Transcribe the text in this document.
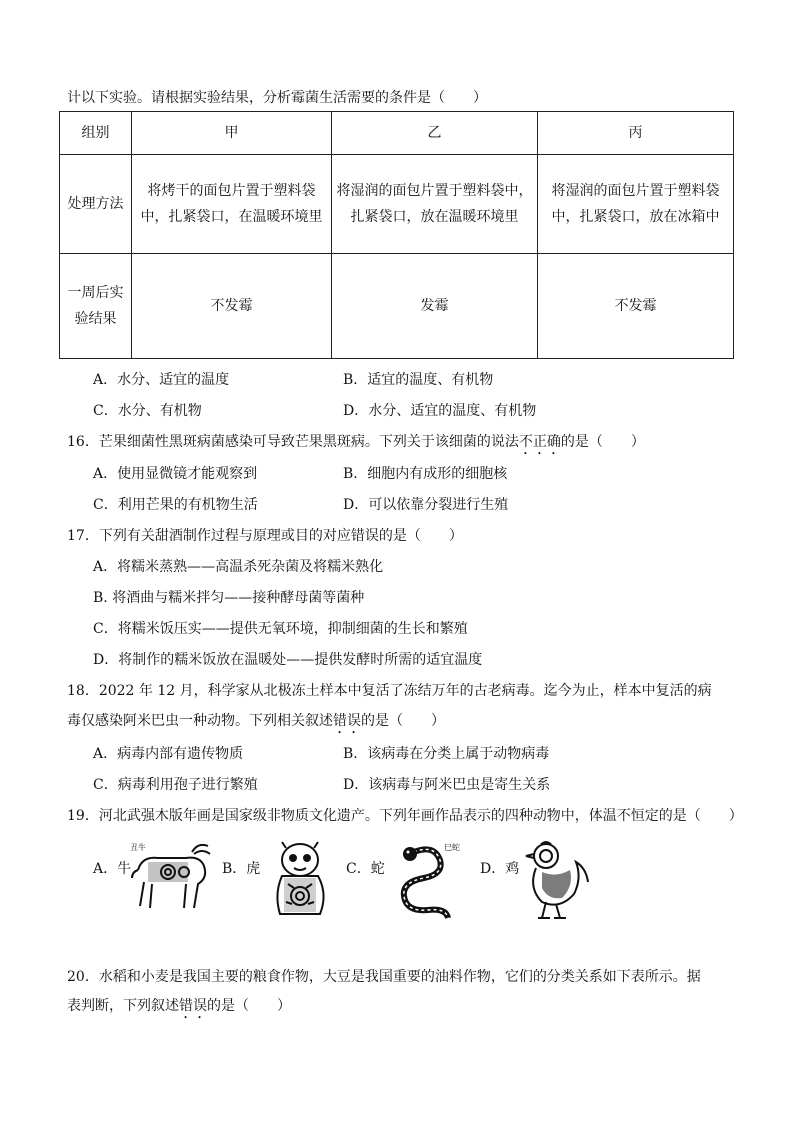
计以下实验。请根据实验结果，分析霉菌生活需要的条件是（　　）
组别	甲	乙	丙
处理方法	将烤干的面包片置于塑料袋中，扎紧袋口，在温暖环境里	将湿润的面包片置于塑料袋中，扎紧袋口，放在温暖环境里	将湿润的面包片置于塑料袋中，扎紧袋口，放在冰箱中
一周后实验结果	不发霉	发霉	不发霉
A．水分、适宜的温度	B．适宜的温度、有机物
C．水分、有机物	D．水分、适宜的温度、有机物
16．芒果细菌性黑斑病菌感染可导致芒果黑斑病。下列关于该细菌的说法不正确的是（　　）
A．使用显微镜才能观察到	B．细胞内有成形的细胞核
C．利用芒果的有机物生活	D．可以依靠分裂进行生殖
17．下列有关甜酒制作过程与原理或目的对应错误的是（　　）
A．将糯米蒸熟——高温杀死杂菌及将糯米熟化
B. 将酒曲与糯米拌匀——接种酵母菌等菌种
C．将糯米饭压实——提供无氧环境，抑制细菌的生长和繁殖
D．将制作的糯米饭放在温暖处——提供发酵时所需的适宜温度
18．2022 年 12 月，科学家从北极冻土样本中复活了冻结万年的古老病毒。迄今为止，样本中复活的病
毒仅感染阿米巴虫一种动物。下列相关叙述错误的是（　　）
A．病毒内部有遗传物质	B．该病毒在分类上属于动物病毒
C．病毒利用孢子进行繁殖	D．该病毒与阿米巴虫是寄生关系
19．河北武强木版年画是国家级非物质文化遗产。下列年画作品表示的四种动物中，体温不恒定的是（　　）
A．牛
丑牛
B．虎	C．蛇
巳蛇
D．鸡
20．水稻和小麦是我国主要的粮食作物，大豆是我国重要的油料作物，它们的分类关系如下表所示。据
表判断，下列叙述错误的是（　　）
